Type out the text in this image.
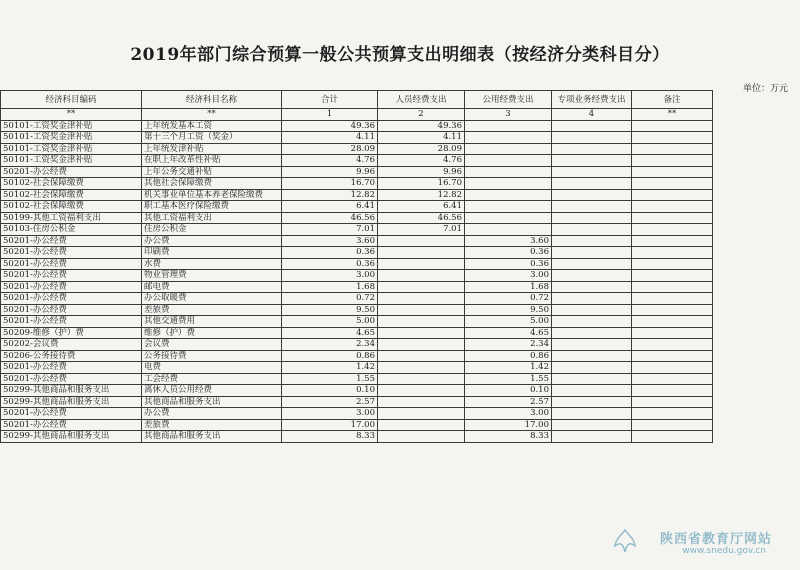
2019年部门综合预算一般公共预算支出明细表（按经济分类科目分）
单位：万元
经济科目编码	经济科目名称	合计	人员经费支出	公用经费支出	专项业务经费支出	备注
**	**	1	2	3	4	**
50101-工资奖金津补贴	上年统发基本工资	49.36	49.36			
50101-工资奖金津补贴	第十三个月工资（奖金）	4.11	4.11			
50101-工资奖金津补贴	上年统发津补贴	28.09	28.09			
50101-工资奖金津补贴	在职上年改革性补贴	4.76	4.76			
50201-办公经费	上年公务交通补贴	9.96	9.96			
50102-社会保障缴费	其他社会保障缴费	16.70	16.70			
50102-社会保障缴费	机关事业单位基本养老保险缴费	12.82	12.82			
50102-社会保障缴费	职工基本医疗保险缴费	6.41	6.41			
50199-其他工资福利支出	其他工资福利支出	46.56	46.56			
50103-住房公积金	住房公积金	7.01	7.01			
50201-办公经费	办公费	3.60		3.60		
50201-办公经费	印刷费	0.36		0.36		
50201-办公经费	水费	0.36		0.36		
50201-办公经费	物业管理费	3.00		3.00		
50201-办公经费	邮电费	1.68		1.68		
50201-办公经费	办公取暖费	0.72		0.72		
50201-办公经费	差旅费	9.50		9.50		
50201-办公经费	其他交通费用	5.00		5.00		
50209-维修（护）费	维修（护）费	4.65		4.65		
50202-会议费	会议费	2.34		2.34		
50206-公务接待费	公务接待费	0.86		0.86		
50201-办公经费	电费	1.42		1.42		
50201-办公经费	工会经费	1.55		1.55		
50299-其他商品和服务支出	离休人员公用经费	0.10		0.10		
50299-其他商品和服务支出	其他商品和服务支出	2.57		2.57		
50201-办公经费	办公费	3.00		3.00		
50201-办公经费	差旅费	17.00		17.00		
50299-其他商品和服务支出	其他商品和服务支出	8.33		8.33		
陕西省教育厅网站
www.snedu.gov.cn
